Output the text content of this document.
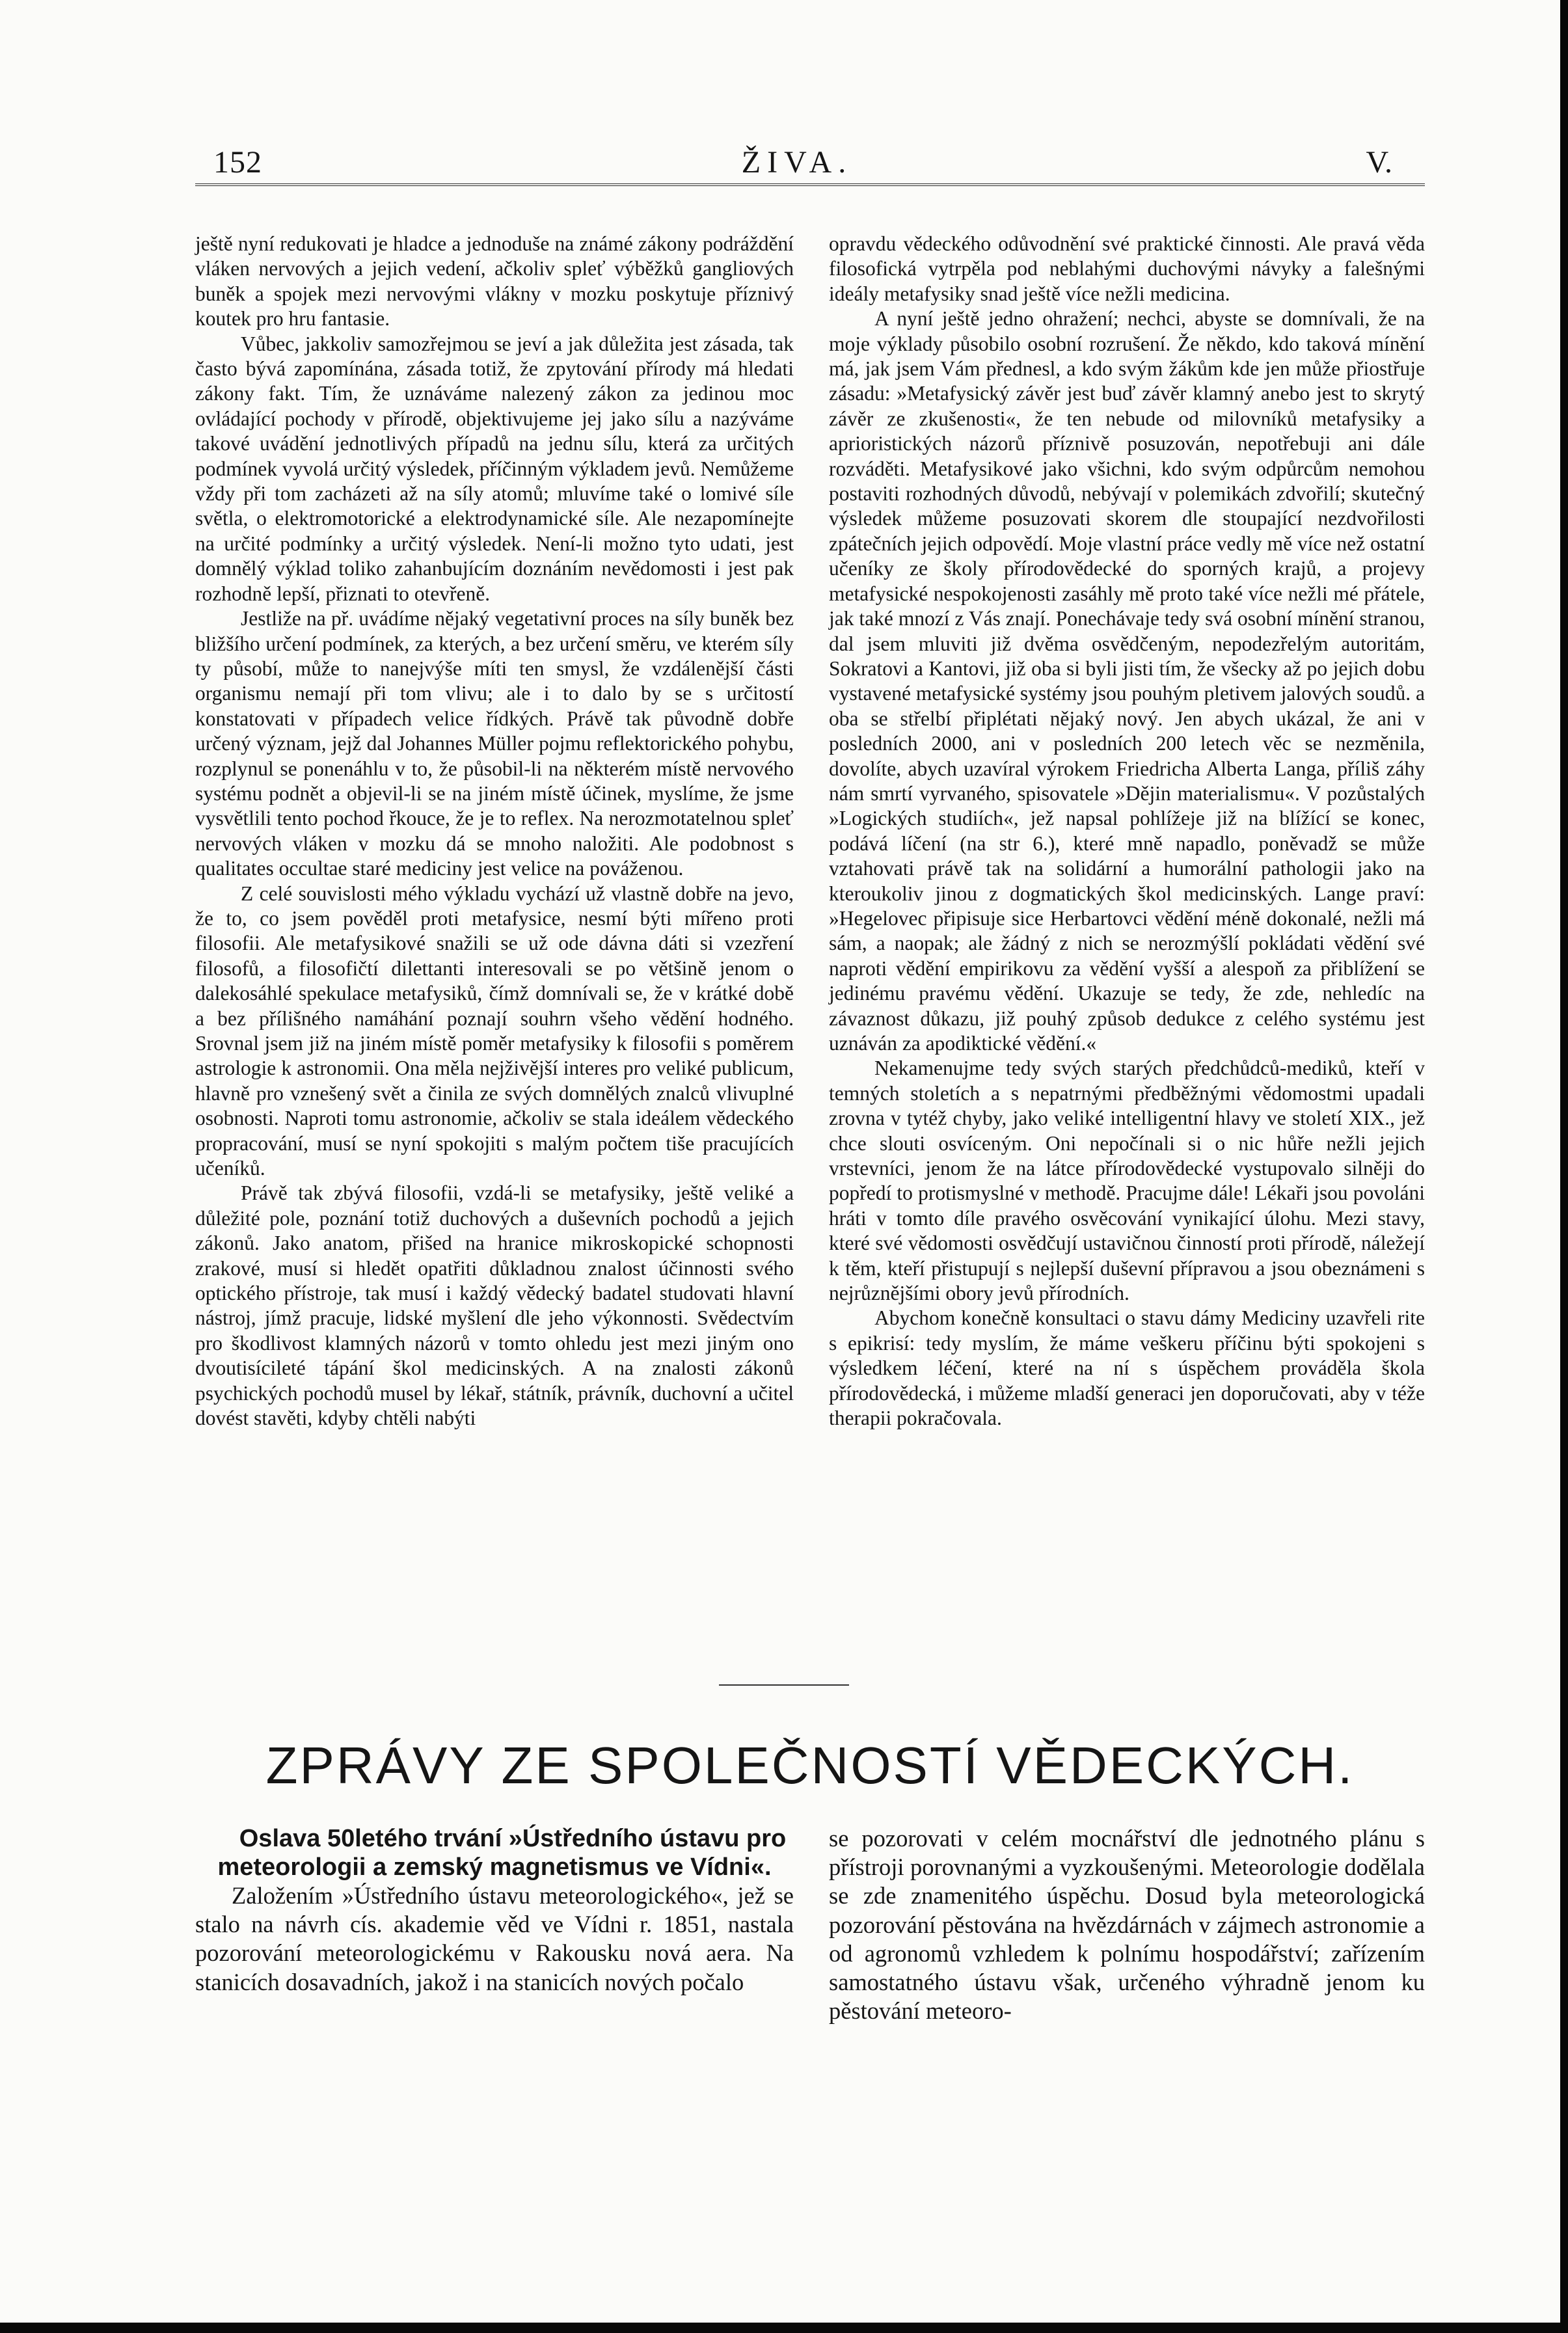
152	ŽIVA.	V.

ještě nyní redukovati je hladce a jednoduše na známé zákony podráždění vláken nervových a jejich vedení, ačkoliv spleť výběžků gangliových buněk a spojek mezi nervovými vlákny v mozku poskytuje příznivý koutek pro hru fantasie.

Vůbec, jakkoliv samozřejmou se jeví a jak důležita jest zásada, tak často bývá zapomínána, zásada totiž, že zpytování přírody má hledati zákony fakt. Tím, že uznáváme nalezený zákon za jedinou moc ovládající pochody v přírodě, objektivujeme jej jako sílu a nazýváme takové uvádění jednotlivých případů na jednu sílu, která za určitých podmínek vyvolá určitý výsledek, příčinným výkladem jevů. Nemůžeme vždy při tom zacházeti až na síly atomů; mluvíme také o lomivé síle světla, o elektromotorické a elektrodynamické síle. Ale nezapomínejte na určité podmínky a určitý výsledek. Není-li možno tyto udati, jest domnělý výklad toliko zahanbujícím doznáním nevědomosti i jest pak rozhodně lepší, přiznati to otevřeně.

Jestliže na př. uvádíme nějaký vegetativní proces na síly buněk bez bližšího určení podmínek, za kterých, a bez určení směru, ve kterém síly ty působí, může to nanejvýše míti ten smysl, že vzdálenější části organismu nemají při tom vlivu; ale i to dalo by se s určitostí konstatovati v případech velice řídkých. Právě tak původně dobře určený význam, jejž dal Johannes Müller pojmu reflektorického pohybu, rozplynul se ponenáhlu v to, že působil-li na některém místě nervového systému podnět a objevil-li se na jiném místě účinek, myslíme, že jsme vysvětlili tento pochod řkouce, že je to reflex. Na nerozmotatelnou spleť nervových vláken v mozku dá se mnoho naložiti. Ale podobnost s qualitates occultae staré mediciny jest velice na pováženou.

Z celé souvislosti mého výkladu vychází už vlastně dobře na jevo, že to, co jsem pověděl proti metafysice, nesmí býti mířeno proti filosofii. Ale metafysikové snažili se už ode dávna dáti si vzezření filosofů, a filosofičtí dilettanti interesovali se po většině jenom o dalekosáhlé spekulace metafysiků, čímž domnívali se, že v krátké době a bez přílišného namáhání poznají souhrn všeho vědění hodného. Srovnal jsem již na jiném místě poměr metafysiky k filosofii s poměrem astrologie k astronomii. Ona měla nejživější interes pro veliké publicum, hlavně pro vznešený svět a činila ze svých domnělých znalců vlivuplné osobnosti. Naproti tomu astronomie, ačkoliv se stala ideálem vědeckého propracování, musí se nyní spokojiti s malým počtem tiše pracujících učeníků.

Právě tak zbývá filosofii, vzdá-li se metafysiky, ještě veliké a důležité pole, poznání totiž duchových a duševních pochodů a jejich zákonů. Jako anatom, přišed na hranice mikroskopické schopnosti zrakové, musí si hledět opatřiti důkladnou znalost účinnosti svého optického přístroje, tak musí i každý vědecký badatel studovati hlavní nástroj, jímž pracuje, lidské myšlení dle jeho výkonnosti. Svědectvím pro škodlivost klamných názorů v tomto ohledu jest mezi jiným ono dvoutisícileté tápání škol medicinských. A na znalosti zákonů psychických pochodů musel by lékař, státník, právník, duchovní a učitel dovést stavěti, kdyby chtěli nabýti

opravdu vědeckého odůvodnění své praktické činnosti. Ale pravá věda filosofická vytrpěla pod neblahými duchovými návyky a falešnými ideály metafysiky snad ještě více nežli medicina.

A nyní ještě jedno ohražení; nechci, abyste se domnívali, že na moje výklady působilo osobní rozrušení. Že někdo, kdo taková mínění má, jak jsem Vám přednesl, a kdo svým žákům kde jen může přiostřuje zásadu: »Metafysický závěr jest buď závěr klamný anebo jest to skrytý závěr ze zkušenosti«, že ten nebude od milovníků metafysiky a aprioristických názorů příznivě posuzován, nepotřebuji ani dále rozváděti. Metafysikové jako všichni, kdo svým odpůrcům nemohou postaviti rozhodných důvodů, nebývají v polemikách zdvořilí; skutečný výsledek můžeme posuzovati skorem dle stoupající nezdvořilosti zpátečních jejich odpovědí. Moje vlastní práce vedly mě více než ostatní učeníky ze školy přírodovědecké do sporných krajů, a projevy metafysické nespokojenosti zasáhly mě proto také více nežli mé přátele, jak také mnozí z Vás znají. Ponechávaje tedy svá osobní mínění stranou, dal jsem mluviti již dvěma osvědčeným, nepodezřelým autoritám, Sokratovi a Kantovi, již oba si byli jisti tím, že všecky až po jejich dobu vystavené metafysické systémy jsou pouhým pletivem jalových soudů. a oba se střelbí připlétati nějaký nový. Jen abych ukázal, že ani v posledních 2000, ani v posledních 200 letech věc se nezměnila, dovolíte, abych uzavíral výrokem Friedricha Alberta Langa, příliš záhy nám smrtí vyrvaného, spisovatele »Dějin materialismu«. V pozůstalých »Logických studiích«, jež napsal pohlížeje již na blížící se konec, podává líčení (na str 6.), které mně napadlo, poněvadž se může vztahovati právě tak na solidární a humorální pathologii jako na kteroukoliv jinou z dogmatických škol medicinských. Lange praví: »Hegelovec připisuje sice Herbartovci vědění méně dokonalé, nežli má sám, a naopak; ale žádný z nich se nerozmýšlí pokládati vědění své naproti vědění empirikovu za vědění vyšší a alespoň za přiblížení se jedinému pravému vědění. Ukazuje se tedy, že zde, nehledíc na závaznost důkazu, již pouhý způsob dedukce z celého systému jest uznáván za apodiktické vědění.«

Nekamenujme tedy svých starých předchůdců-mediků, kteří v temných stoletích a s nepatrnými předběžnými vědomostmi upadali zrovna v tytéž chyby, jako veliké intelligentní hlavy ve století XIX., jež chce slouti osvíceným. Oni nepočínali si o nic hůře nežli jejich vrstevníci, jenom že na látce přírodovědecké vystupovalo silněji do popředí to protismyslné v methodě. Pracujme dále! Lékaři jsou povoláni hráti v tomto díle pravého osvěcování vynikající úlohu. Mezi stavy, které své vědomosti osvědčují ustavičnou činností proti přírodě, náležejí k těm, kteří přistupují s nejlepší duševní přípravou a jsou obeznámeni s nejrůznějšími obory jevů přírodních.

Abychom konečně konsultaci o stavu dámy Mediciny uzavřeli rite s epikrisí: tedy myslím, že máme veškeru příčinu býti spokojeni s výsledkem léčení, které na ní s úspěchem prováděla škola přírodovědecká, i můžeme mladší generaci jen doporučovati, aby v téže therapii pokračovala.

ZPRÁVY ZE SPOLEČNOSTÍ VĚDECKÝCH.

Oslava 50letého trvání »Ústředního ústavu pro meteorologii a zemský magnetismus ve Vídni«.

Založením »Ústředního ústavu meteorologického«, jež se stalo na návrh cís. akademie věd ve Vídni r. 1851, nastala pozorování meteorologickému v Rakousku nová aera. Na stanicích dosavadních, jakož i na stanicích nových počalo

se pozorovati v celém mocnářství dle jednotného plánu s přístroji porovnanými a vyzkoušenými. Meteorologie dodělala se zde znamenitého úspěchu. Dosud byla meteorologická pozorování pěstována na hvězdárnách v zájmech astronomie a od agronomů vzhledem k polnímu hospodářství; zařízením samostatného ústavu však, určeného výhradně jenom ku pěstování meteoro-
